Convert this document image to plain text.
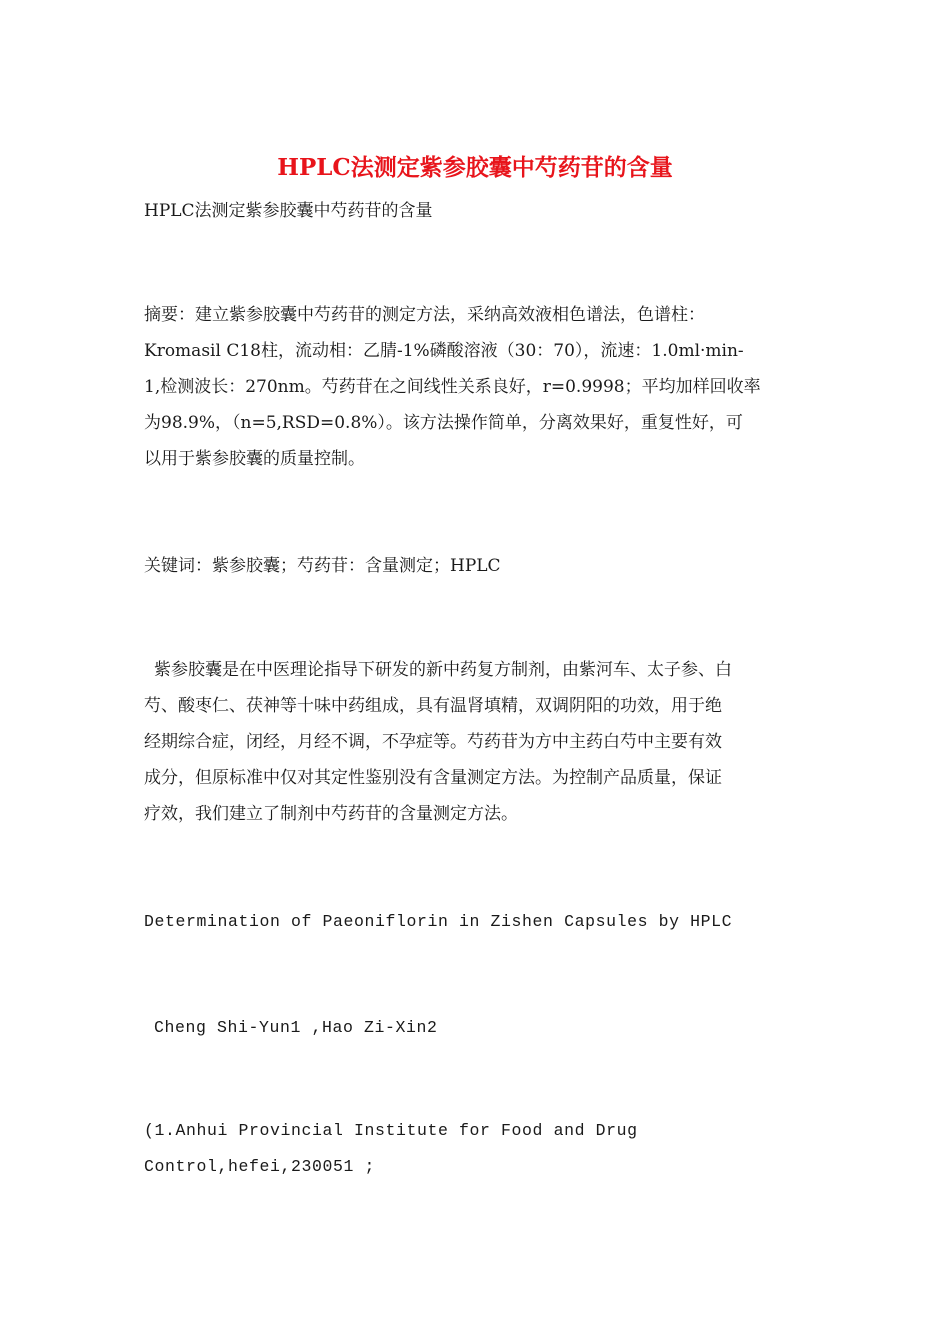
HPLC法测定紫参胶囊中芍药苷的含量
HPLC法测定紫参胶囊中芍药苷的含量
摘要：建立紫参胶囊中芍药苷的测定方法，采纳高效液相色谱法，色谱柱：
Kromasil C18柱，流动相：乙腈-1%磷酸溶液（30：70），流速：1.0ml·min-
1,检测波长：270nm。芍药苷在之间线性关系良好，r=0.9998；平均加样回收率
为98.9%，（n=5,RSD=0.8%）。该方法操作简单，分离效果好，重复性好，可
以用于紫参胶囊的质量控制。
关键词：紫参胶囊；芍药苷：含量测定；HPLC
紫参胶囊是在中医理论指导下研发的新中药复方制剂，由紫河车、太子参、白
芍、酸枣仁、茯神等十味中药组成，具有温肾填精，双调阴阳的功效，用于绝
经期综合症，闭经，月经不调，不孕症等。芍药苷为方中主药白芍中主要有效
成分，但原标准中仅对其定性鉴别没有含量测定方法。为控制产品质量，保证
疗效，我们建立了制剂中芍药苷的含量测定方法。
Determination of Paeoniflorin in Zishen Capsules by HPLC
Cheng Shi-Yun1 ,Hao Zi-Xin2
(1.Anhui Provincial Institute for Food and Drug
Control,hefei,230051 ;
